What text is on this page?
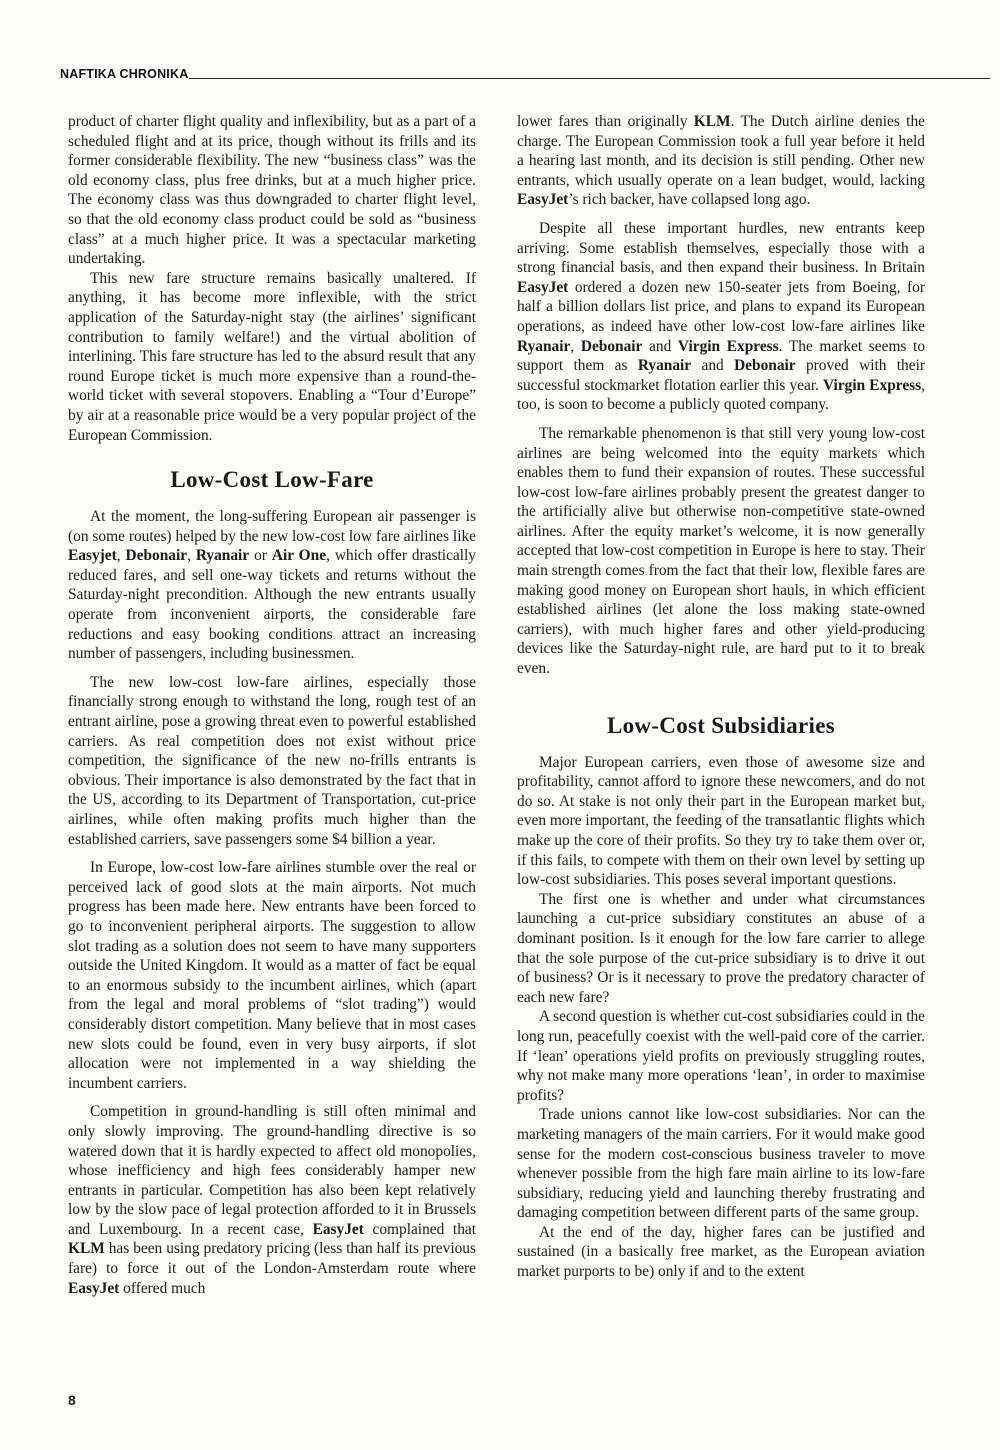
NAFTIKA CHRONIKA

product of charter flight quality and inflexibility, but as a part of a scheduled flight and at its price, though without its frills and its former considerable flexibility. The new “business class” was the old economy class, plus free drinks, but at a much higher price. The economy class was thus downgraded to charter flight level, so that the old economy class product could be sold as “business class” at a much higher price. It was a spectacular marketing undertaking.

This new fare structure remains basically unaltered. If anything, it has become more inflexible, with the strict application of the Saturday-night stay (the airlines’ significant contribution to family welfare!) and the virtual abolition of interlining. This fare structure has led to the absurd result that any round Europe ticket is much more expensive than a round-the-world ticket with several stopovers. Enabling a “Tour d’Europe” by air at a reasonable price would be a very popular project of the European Commission.

Low-Cost Low-Fare

At the moment, the long-suffering European air passenger is (on some routes) helped by the new low-cost low fare airlines like Easyjet, Debonair, Ryanair or Air One, which offer drastically reduced fares, and sell one-way tickets and returns without the Saturday-night precondition. Although the new entrants usually operate from inconvenient airports, the considerable fare reductions and easy booking conditions attract an increasing number of passengers, including businessmen.

The new low-cost low-fare airlines, especially those financially strong enough to withstand the long, rough test of an entrant airline, pose a growing threat even to powerful established carriers. As real competition does not exist without price competition, the significance of the new no-frills entrants is obvious. Their importance is also demonstrated by the fact that in the US, according to its Department of Transportation, cut-price airlines, while often making profits much higher than the established carriers, save passengers some $4 billion a year.

In Europe, low-cost low-fare airlines stumble over the real or perceived lack of good slots at the main airports. Not much progress has been made here. New entrants have been forced to go to inconvenient peripheral airports. The suggestion to allow slot trading as a solution does not seem to have many supporters outside the United Kingdom. It would as a matter of fact be equal to an enormous subsidy to the incumbent airlines, which (apart from the legal and moral problems of “slot trading”) would considerably distort competition. Many believe that in most cases new slots could be found, even in very busy airports, if slot allocation were not implemented in a way shielding the incumbent carriers.

Competition in ground-handling is still often minimal and only slowly improving. The ground-handling directive is so watered down that it is hardly expected to affect old monopolies, whose inefficiency and high fees considerably hamper new entrants in particular. Competition has also been kept relatively low by the slow pace of legal protection afforded to it in Brussels and Luxembourg. In a recent case, EasyJet complained that KLM has been using predatory pricing (less than half its previous fare) to force it out of the London-Amsterdam route where EasyJet offered much

lower fares than originally KLM. The Dutch airline denies the charge. The European Commission took a full year before it held a hearing last month, and its decision is still pending. Other new entrants, which usually operate on a lean budget, would, lacking EasyJet’s rich backer, have collapsed long ago.

Despite all these important hurdles, new entrants keep arriving. Some establish themselves, especially those with a strong financial basis, and then expand their business. In Britain EasyJet ordered a dozen new 150-seater jets from Boeing, for half a billion dollars list price, and plans to expand its European operations, as indeed have other low-cost low-fare airlines like Ryanair, Debonair and Virgin Express. The market seems to support them as Ryanair and Debonair proved with their successful stockmarket flotation earlier this year. Virgin Express, too, is soon to become a publicly quoted company.

The remarkable phenomenon is that still very young low-cost airlines are being welcomed into the equity markets which enables them to fund their expansion of routes. These successful low-cost low-fare airlines probably present the greatest danger to the artificially alive but otherwise non-competitive state-owned airlines. After the equity market’s welcome, it is now generally accepted that low-cost competition in Europe is here to stay. Their main strength comes from the fact that their low, flexible fares are making good money on European short hauls, in which efficient established airlines (let alone the loss making state-owned carriers), with much higher fares and other yield-producing devices like the Saturday-night rule, are hard put to it to break even.

Low-Cost Subsidiaries

Major European carriers, even those of awesome size and profitability, cannot afford to ignore these newcomers, and do not do so. At stake is not only their part in the European market but, even more important, the feeding of the transatlantic flights which make up the core of their profits. So they try to take them over or, if this fails, to compete with them on their own level by setting up low-cost subsidiaries. This poses several important questions.

The first one is whether and under what circumstances launching a cut-price subsidiary constitutes an abuse of a dominant position. Is it enough for the low fare carrier to allege that the sole purpose of the cut-price subsidiary is to drive it out of business? Or is it necessary to prove the predatory character of each new fare?

A second question is whether cut-cost subsidiaries could in the long run, peacefully coexist with the well-paid core of the carrier. If ‘lean’ operations yield profits on previously struggling routes, why not make many more operations ‘lean’, in order to maximise profits?

Trade unions cannot like low-cost subsidiaries. Nor can the marketing managers of the main carriers. For it would make good sense for the modern cost-conscious business traveler to move whenever possible from the high fare main airline to its low-fare subsidiary, reducing yield and launching thereby frustrating and damaging competition between different parts of the same group.

At the end of the day, higher fares can be justified and sustained (in a basically free market, as the European aviation market purports to be) only if and to the extent

8
